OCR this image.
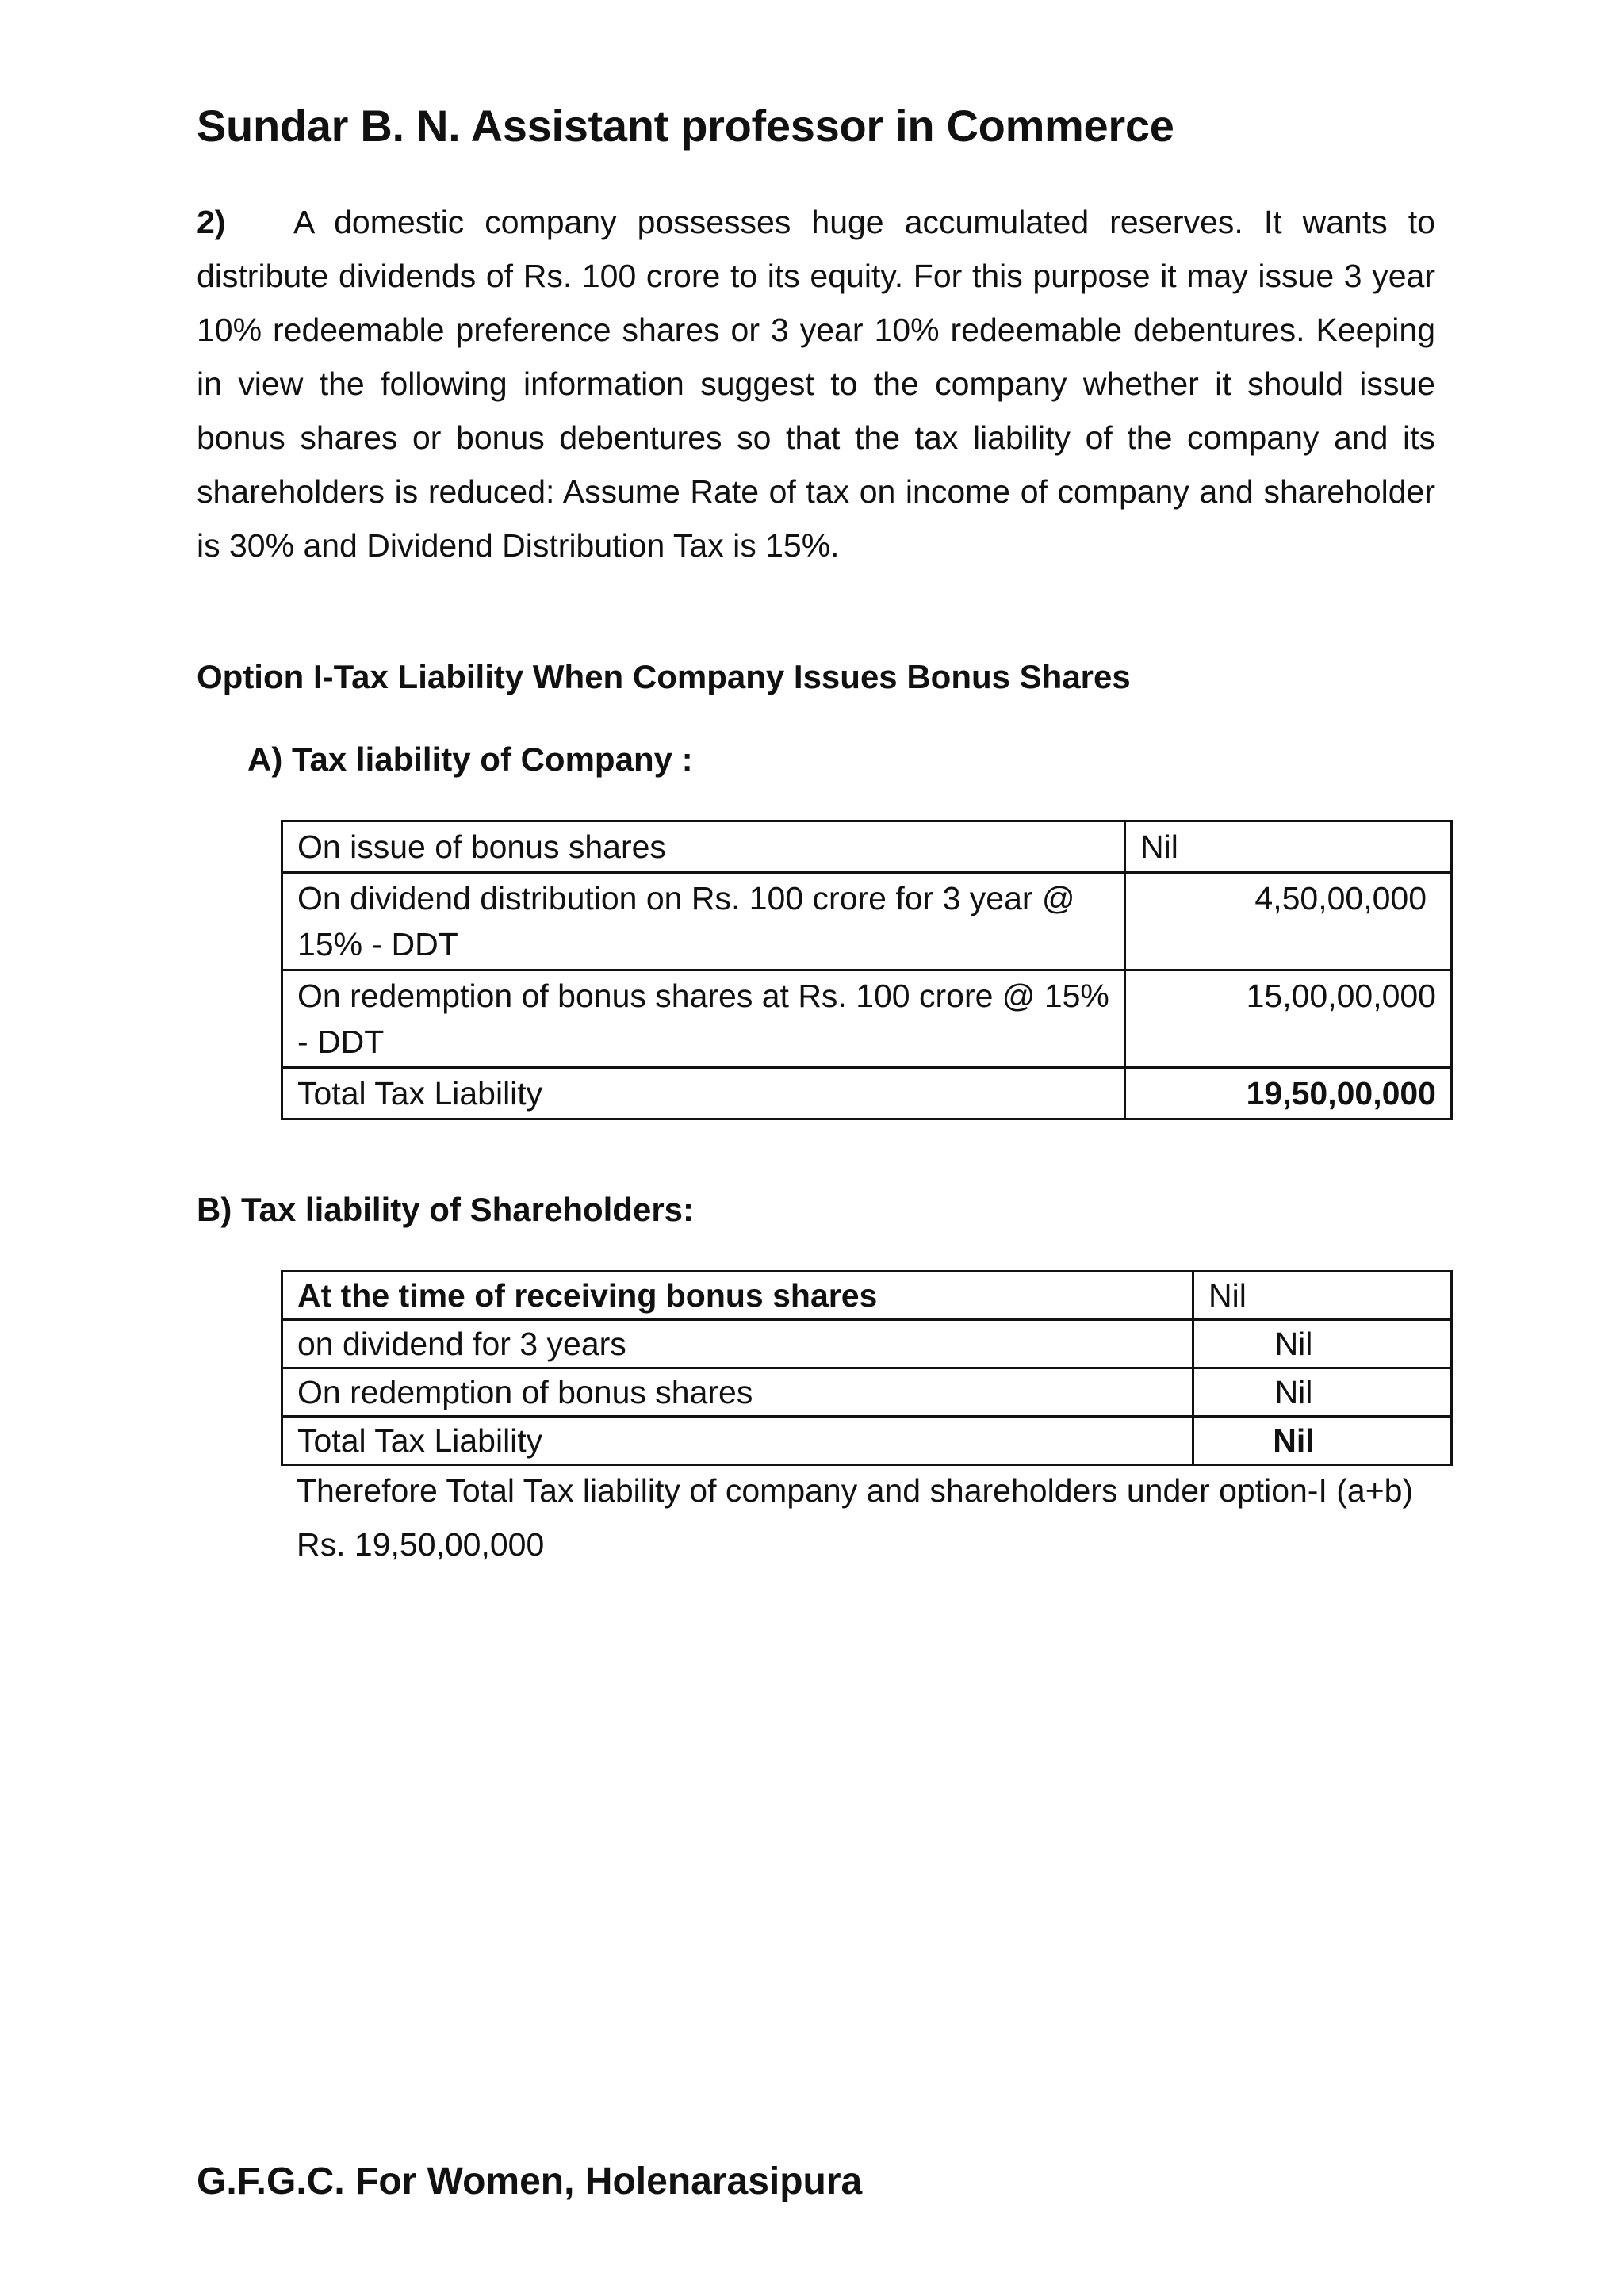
Sundar B. N. Assistant professor in Commerce
2) A domestic company possesses huge accumulated reserves. It wants to distribute dividends of Rs. 100 crore to its equity. For this purpose it may issue 3 year 10% redeemable preference shares or 3 year 10% redeemable debentures. Keeping in view the following information suggest to the company whether it should issue bonus shares or bonus debentures so that the tax liability of the company and its shareholders is reduced: Assume Rate of tax on income of company and shareholder is 30% and Dividend Distribution Tax is 15%.
Option I-Tax Liability When Company Issues Bonus Shares
A) Tax liability of Company :
On issue of bonus shares	Nil
On dividend distribution on Rs. 100 crore for 3 year @ 15% - DDT	4,50,00,000
On redemption of bonus shares at Rs. 100 crore @ 15% - DDT	15,00,00,000
Total Tax Liability	19,50,00,000
B) Tax liability of Shareholders:
At the time of receiving bonus shares	Nil
on dividend for 3 years	Nil
On redemption of bonus shares	Nil
Total Tax Liability	Nil
Therefore Total Tax liability of company and shareholders under option-I (a+b) Rs. 19,50,00,000
G.F.G.C. For Women, Holenarasipura
